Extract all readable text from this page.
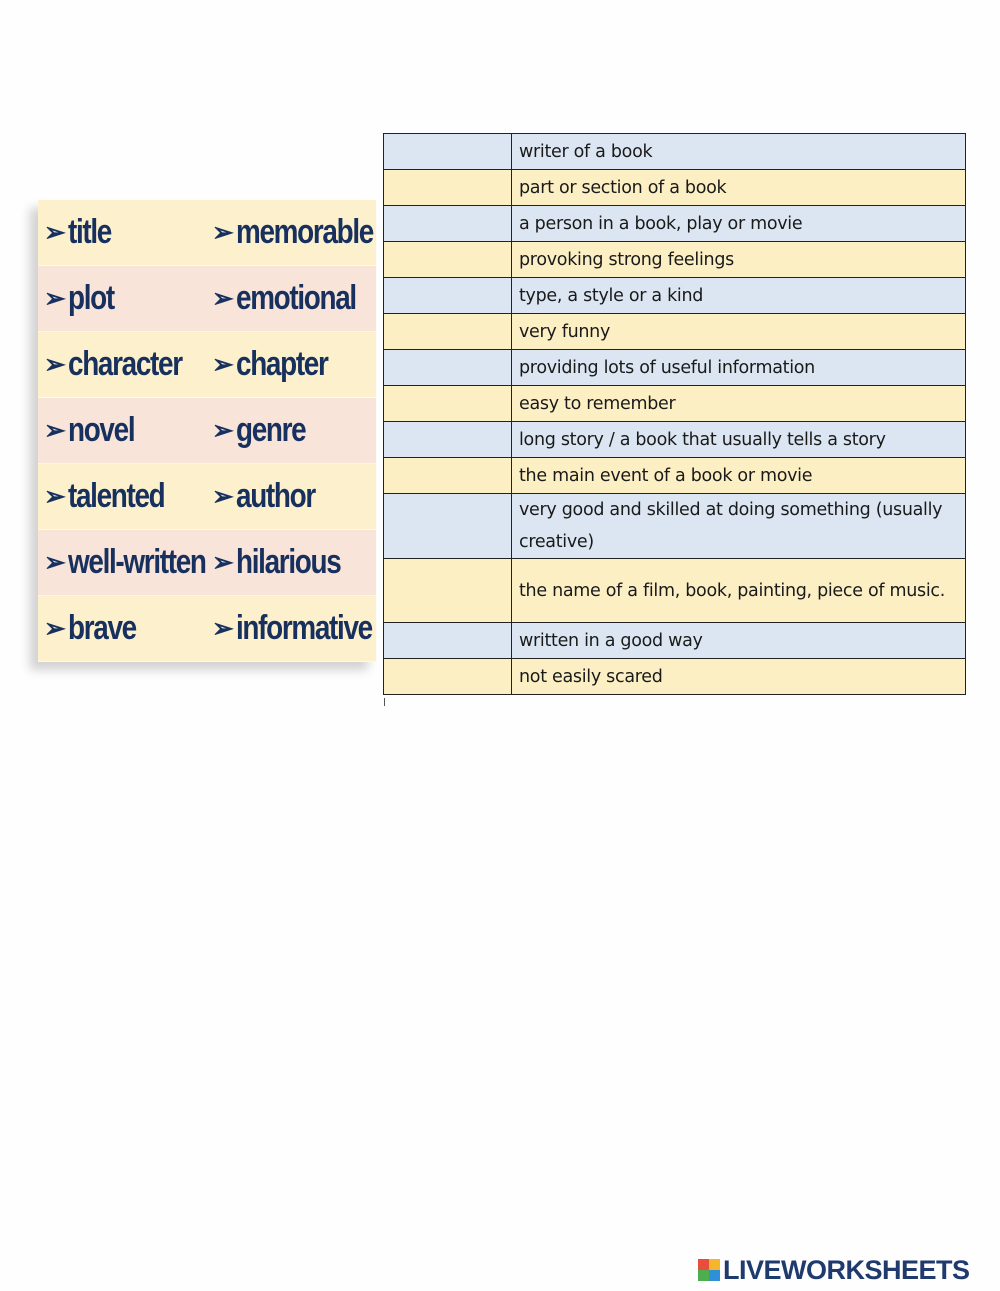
➢ title	➢ memorable
➢ plot	➢ emotional
➢ character ➢ chapter
➢ novel	➢ genre
➢ talented ➢ author
➢ well-written ➢ hilarious
➢ brave	➢ informative
	writer of a book
	part or section of a book
	a person in a book, play or movie
	provoking strong feelings
	type, a style or a kind
	very funny
	providing lots of useful information
	easy to remember
	long story / a book that usually tells a story
	the main event of a book or movie
	very good and skilled at doing something (usually creative)
	the name of a film, book, painting, piece of music.
	written in a good way
	not easily scared
LIVEWORKSHEETS
